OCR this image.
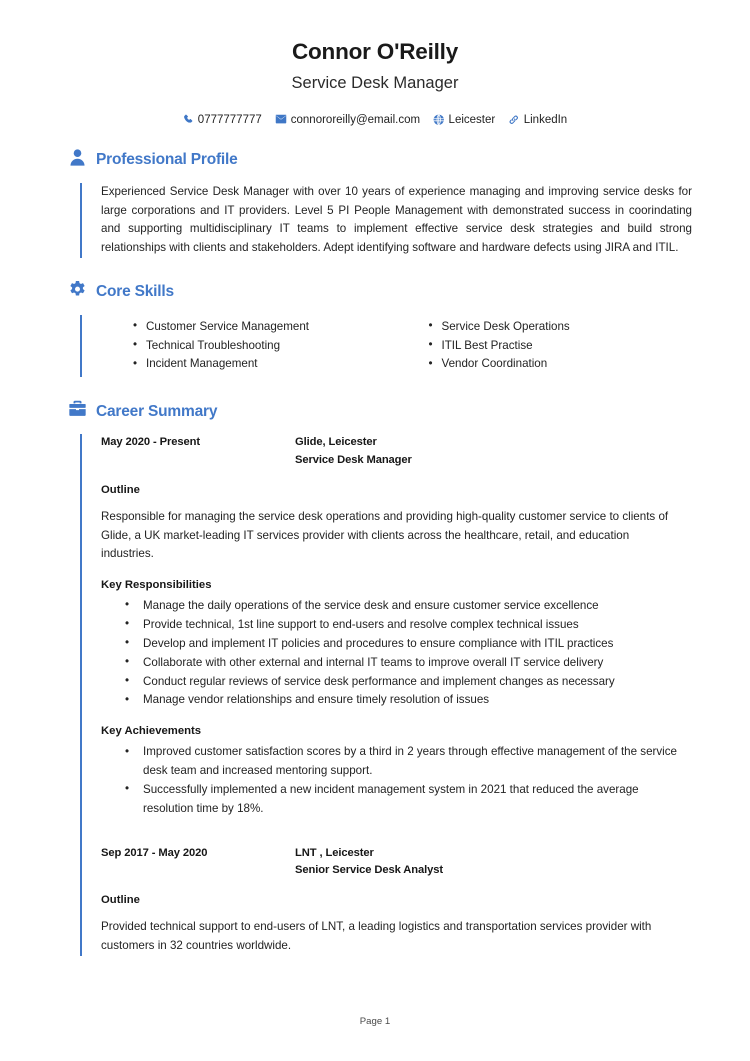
Connor O'Reilly
Service Desk Manager
0777777777	connororeilly@email.com Leicester LinkedIn
Professional Profile

Experienced Service Desk Manager with over 10 years of experience managing and improving service desks for large corporations and IT providers. Level 5 PI People Management with demonstrated success in coorindating and supporting multidisciplinary IT teams to implement effective service desk strategies and build strong relationships with clients and stakeholders. Adept identifying software and hardware defects using JIRA and ITIL.

Core Skills
• Customer Service Management
• Technical Troubleshooting
• Incident Management
• Service Desk Operations
• ITIL Best Practise
• Vendor Coordination
Career Summary
May 2020 - Present	Glide, Leicester
Service Desk Manager
Outline

Responsible for managing the service desk operations and providing high-quality customer service to clients of Glide, a UK market-leading IT services provider with clients across the healthcare, retail, and education industries.

Key Responsibilities
• Manage the daily operations of the service desk and ensure customer service excellence
• Provide technical, 1st line support to end-users and resolve complex technical issues
• Develop and implement IT policies and procedures to ensure compliance with ITIL practices
• Collaborate with other external and internal IT teams to improve overall IT service delivery
• Conduct regular reviews of service desk performance and implement changes as necessary
• Manage vendor relationships and ensure timely resolution of issues
Key Achievements
• Improved customer satisfaction scores by a third in 2 years through effective management of the service desk team and increased mentoring support.
• Successfully implemented a new incident management system in 2021 that reduced the average resolution time by 18%.
Sep 2017 - May 2020	LNT , Leicester
Senior Service Desk Analyst
Outline

Provided technical support to end-users of LNT, a leading logistics and transportation services provider with customers in 32 countries worldwide.

Page 1
